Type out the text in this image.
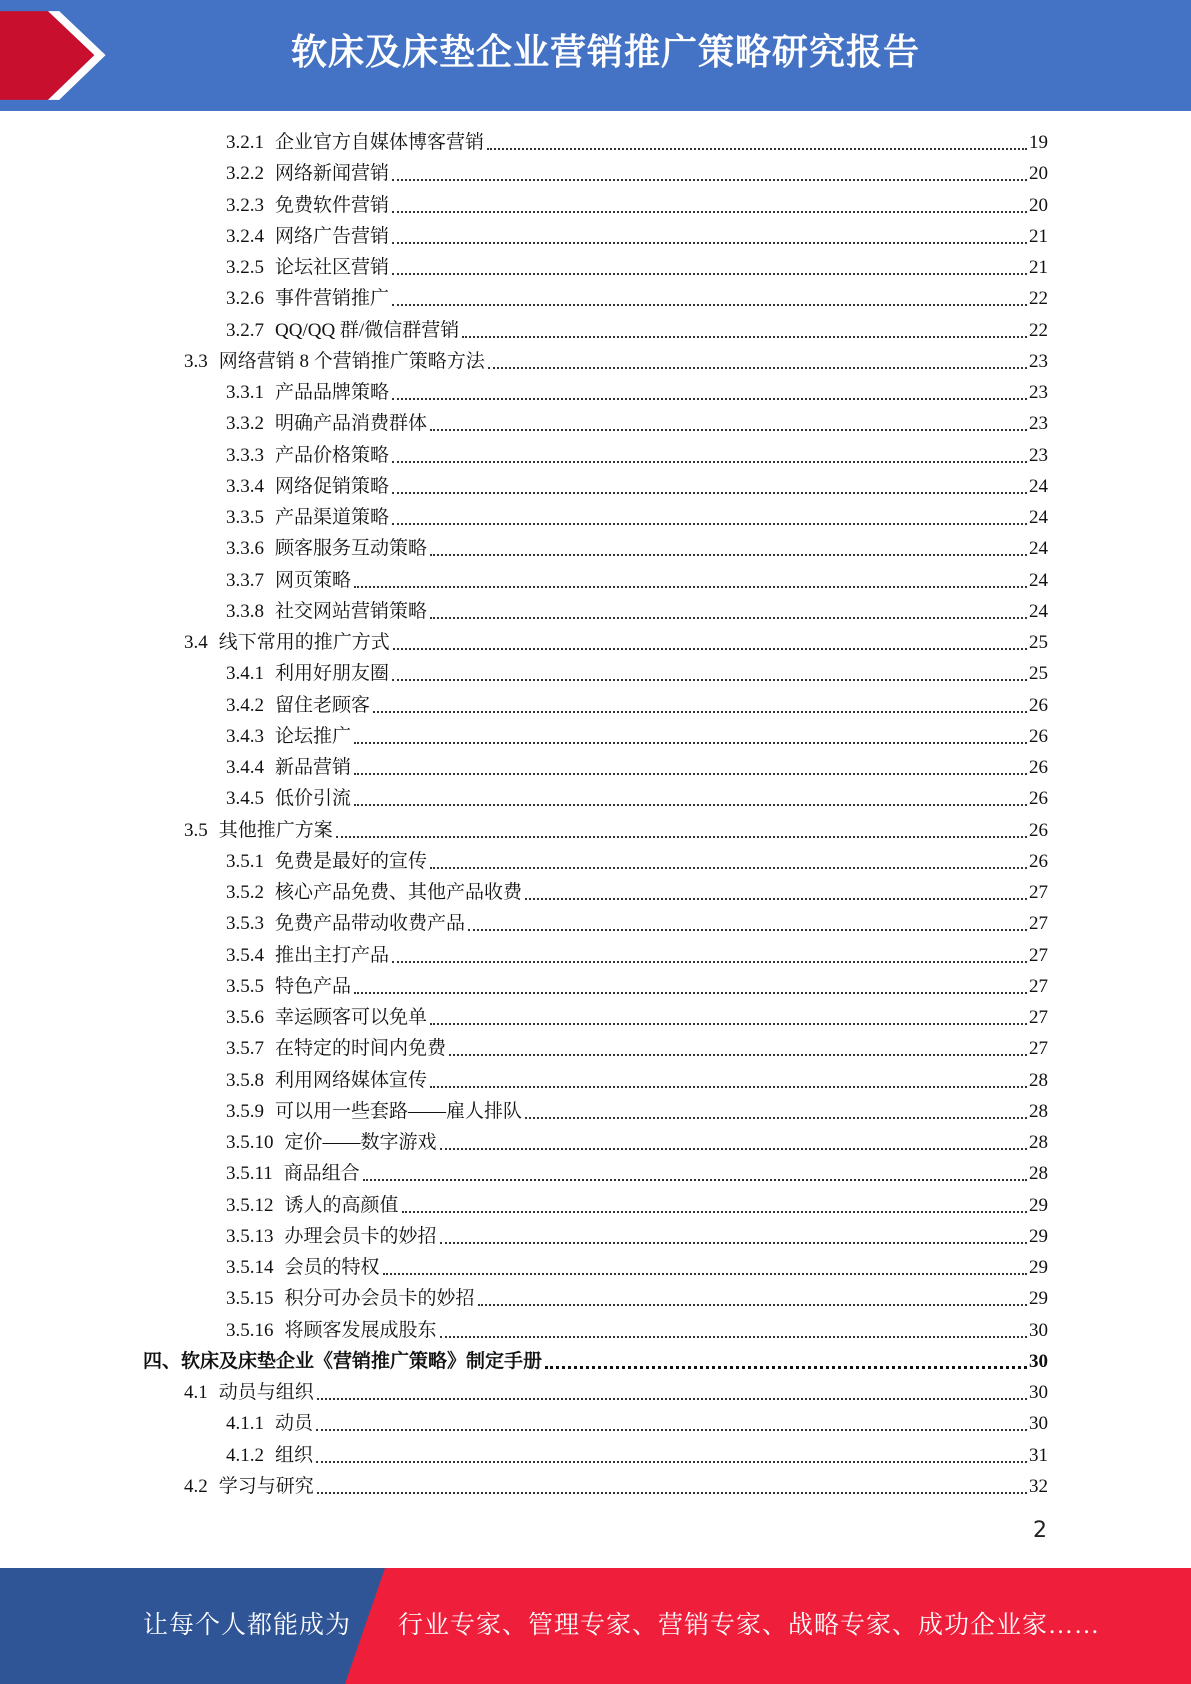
软床及床垫企业营销推广策略研究报告
3.2.1 企业官方自媒体博客营销	19
3.2.2 网络新闻营销	20
3.2.3 免费软件营销	20
3.2.4 网络广告营销	21
3.2.5 论坛社区营销	21
3.2.6 事件营销推广	22
3.2.7 QQ/QQ 群/微信群营销	22
3.3 网络营销 8 个营销推广策略方法	23
3.3.1 产品品牌策略	23
3.3.2 明确产品消费群体	23
3.3.3 产品价格策略	23
3.3.4 网络促销策略	24
3.3.5 产品渠道策略	24
3.3.6 顾客服务互动策略	24
3.3.7 网页策略	24
3.3.8 社交网站营销策略	24
3.4 线下常用的推广方式	25
3.4.1 利用好朋友圈	25
3.4.2 留住老顾客	26
3.4.3 论坛推广	26
3.4.4 新品营销	26
3.4.5 低价引流	26
3.5 其他推广方案	26
3.5.1 免费是最好的宣传	26
3.5.2 核心产品免费、其他产品收费	27
3.5.3 免费产品带动收费产品	27
3.5.4 推出主打产品	27
3.5.5 特色产品	27
3.5.6 幸运顾客可以免单	27
3.5.7 在特定的时间内免费	27
3.5.8 利用网络媒体宣传	28
3.5.9 可以用一些套路——雇人排队	28
3.5.10 定价——数字游戏	28
3.5.11 商品组合	28
3.5.12 诱人的高颜值	29
3.5.13 办理会员卡的妙招	29
3.5.14 会员的特权	29
3.5.15 积分可办会员卡的妙招	29
3.5.16 将顾客发展成股东	30
四、 软床及床垫企业《营销推广策略》制定手册	30
4.1 动员与组织	30
4.1.1 动员	30
4.1.2 组织	31
4.2 学习与研究	32
2
让每个人都能成为 行业专家、管理专家、营销专家、战略专家、成功企业家……
